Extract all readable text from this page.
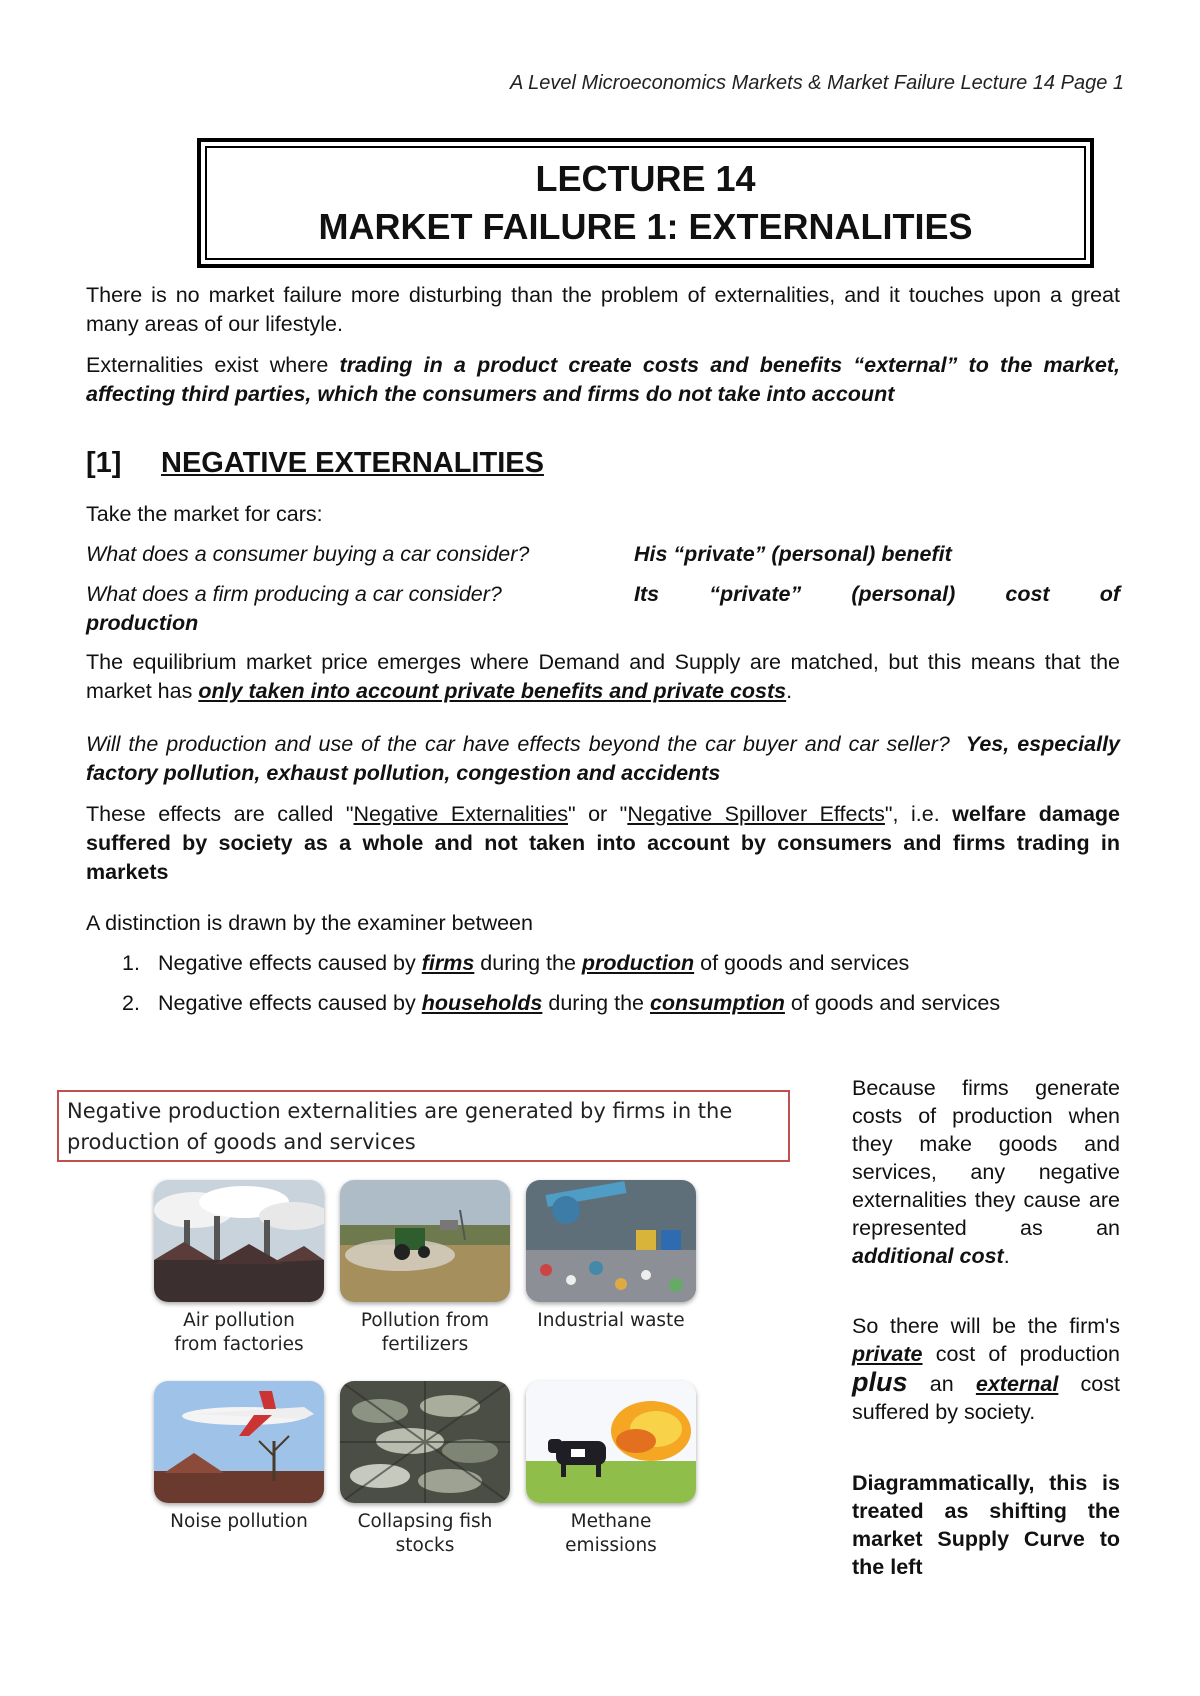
A Level Microeconomics Markets & Market Failure Lecture 14 Page 1
LECTURE 14
MARKET FAILURE 1: EXTERNALITIES
There is no market failure more disturbing than the problem of externalities, and it touches upon a great many areas of our lifestyle.
Externalities exist where trading in a product create costs and benefits “external” to the market, affecting third parties, which the consumers and firms do not take into account
[1] NEGATIVE EXTERNALITIES
Take the market for cars:
What does a consumer buying a car consider?	His “private” (personal) benefit
What does a firm producing a car consider?	Its “private” (personal) cost of
production
The equilibrium market price emerges where Demand and Supply are matched, but this means that the market has only taken into account private benefits and private costs.
Will the production and use of the car have effects beyond the car buyer and car seller? Yes, especially factory pollution, exhaust pollution, congestion and accidents
These effects are called "Negative Externalities" or "Negative Spillover Effects", i.e. welfare damage suffered by society as a whole and not taken into account by consumers and firms trading in markets
A distinction is drawn by the examiner between
1. Negative effects caused by firms during the production of goods and services
2. Negative effects caused by households during the consumption of goods and services
Negative production externalities are generated by firms in the production of goods and services
Air pollution
from factories
Pollution from
fertilizers
Industrial waste
Noise pollution	Collapsing fish
stocks
Methane
emissions

Because firms generate costs of production when they make goods and services, any negative externalities they cause are represented as an additional cost.

So there will be the firm's private cost of production plus an external cost suffered by society.

Diagrammatically, this is treated as shifting the market Supply Curve to the left
